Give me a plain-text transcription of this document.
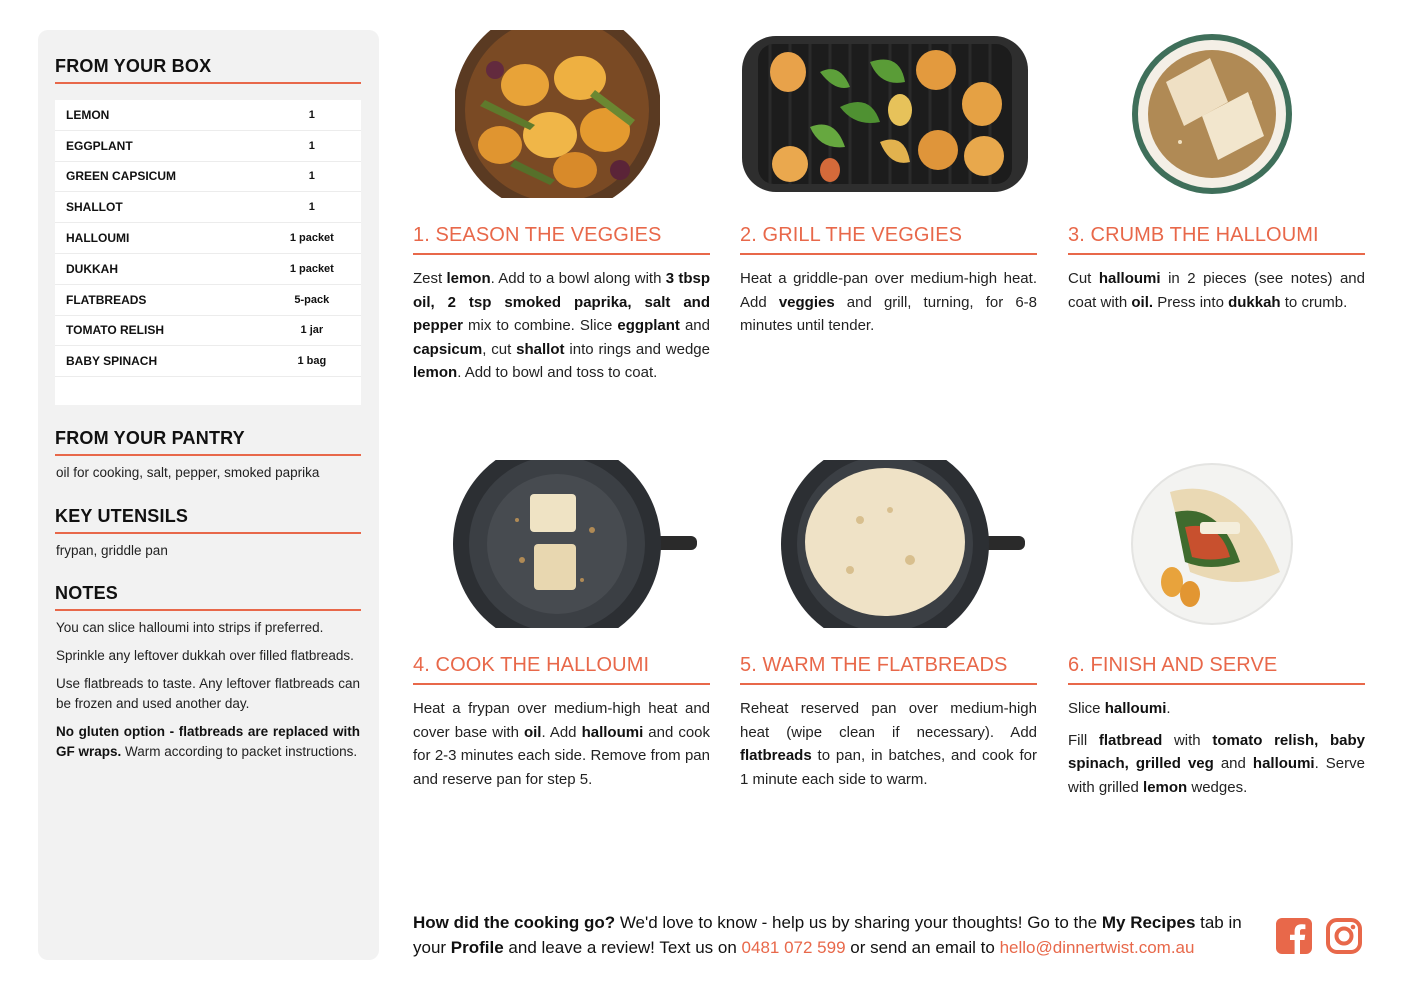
FROM YOUR BOX
LEMON	1
EGGPLANT	1
GREEN CAPSICUM	1
SHALLOT	1
HALLOUMI	1 packet
DUKKAH	1 packet
FLATBREADS	5-pack
TOMATO RELISH	1 jar
BABY SPINACH	1 bag
FROM YOUR PANTRY
oil for cooking, salt, pepper, smoked paprika
KEY UTENSILS
frypan, griddle pan
NOTES

You can slice halloumi into strips if preferred.

Sprinkle any leftover dukkah over filled flatbreads.

Use flatbreads to taste. Any leftover flatbreads can be frozen and used another day.

No gluten option - flatbreads are replaced with GF wraps. Warm according to packet instructions.

1. SEASON THE VEGGIES
Zest lemon. Add to a bowl along with 3 tbsp oil, 2 tsp smoked paprika, salt and pepper mix to combine. Slice eggplant and capsicum, cut shallot into rings and wedge lemon. Add to bowl and toss to coat.
2. GRILL THE VEGGIES
Heat a griddle-pan over medium-high heat. Add veggies and grill, turning, for 6-8 minutes until tender.
3. CRUMB THE HALLOUMI
Cut halloumi in 2 pieces (see notes) and coat with oil. Press into dukkah to crumb.
4. COOK THE HALLOUMI
Heat a frypan over medium-high heat and cover base with oil. Add halloumi and cook for 2-3 minutes each side. Remove from pan and reserve pan for step 5.
5. WARM THE FLATBREADS
Reheat reserved pan over medium-high heat (wipe clean if necessary). Add flatbreads to pan, in batches, and cook for 1 minute each side to warm.
6. FINISH AND SERVE

Slice halloumi.

Fill flatbread with tomato relish, baby spinach, grilled veg and halloumi. Serve with grilled lemon wedges.

How did the cooking go? We'd love to know - help us by sharing your thoughts! Go to the My Recipes tab in your Profile and leave a review! Text us on 0481 072 599 or send an email to hello@dinnertwist.com.au
